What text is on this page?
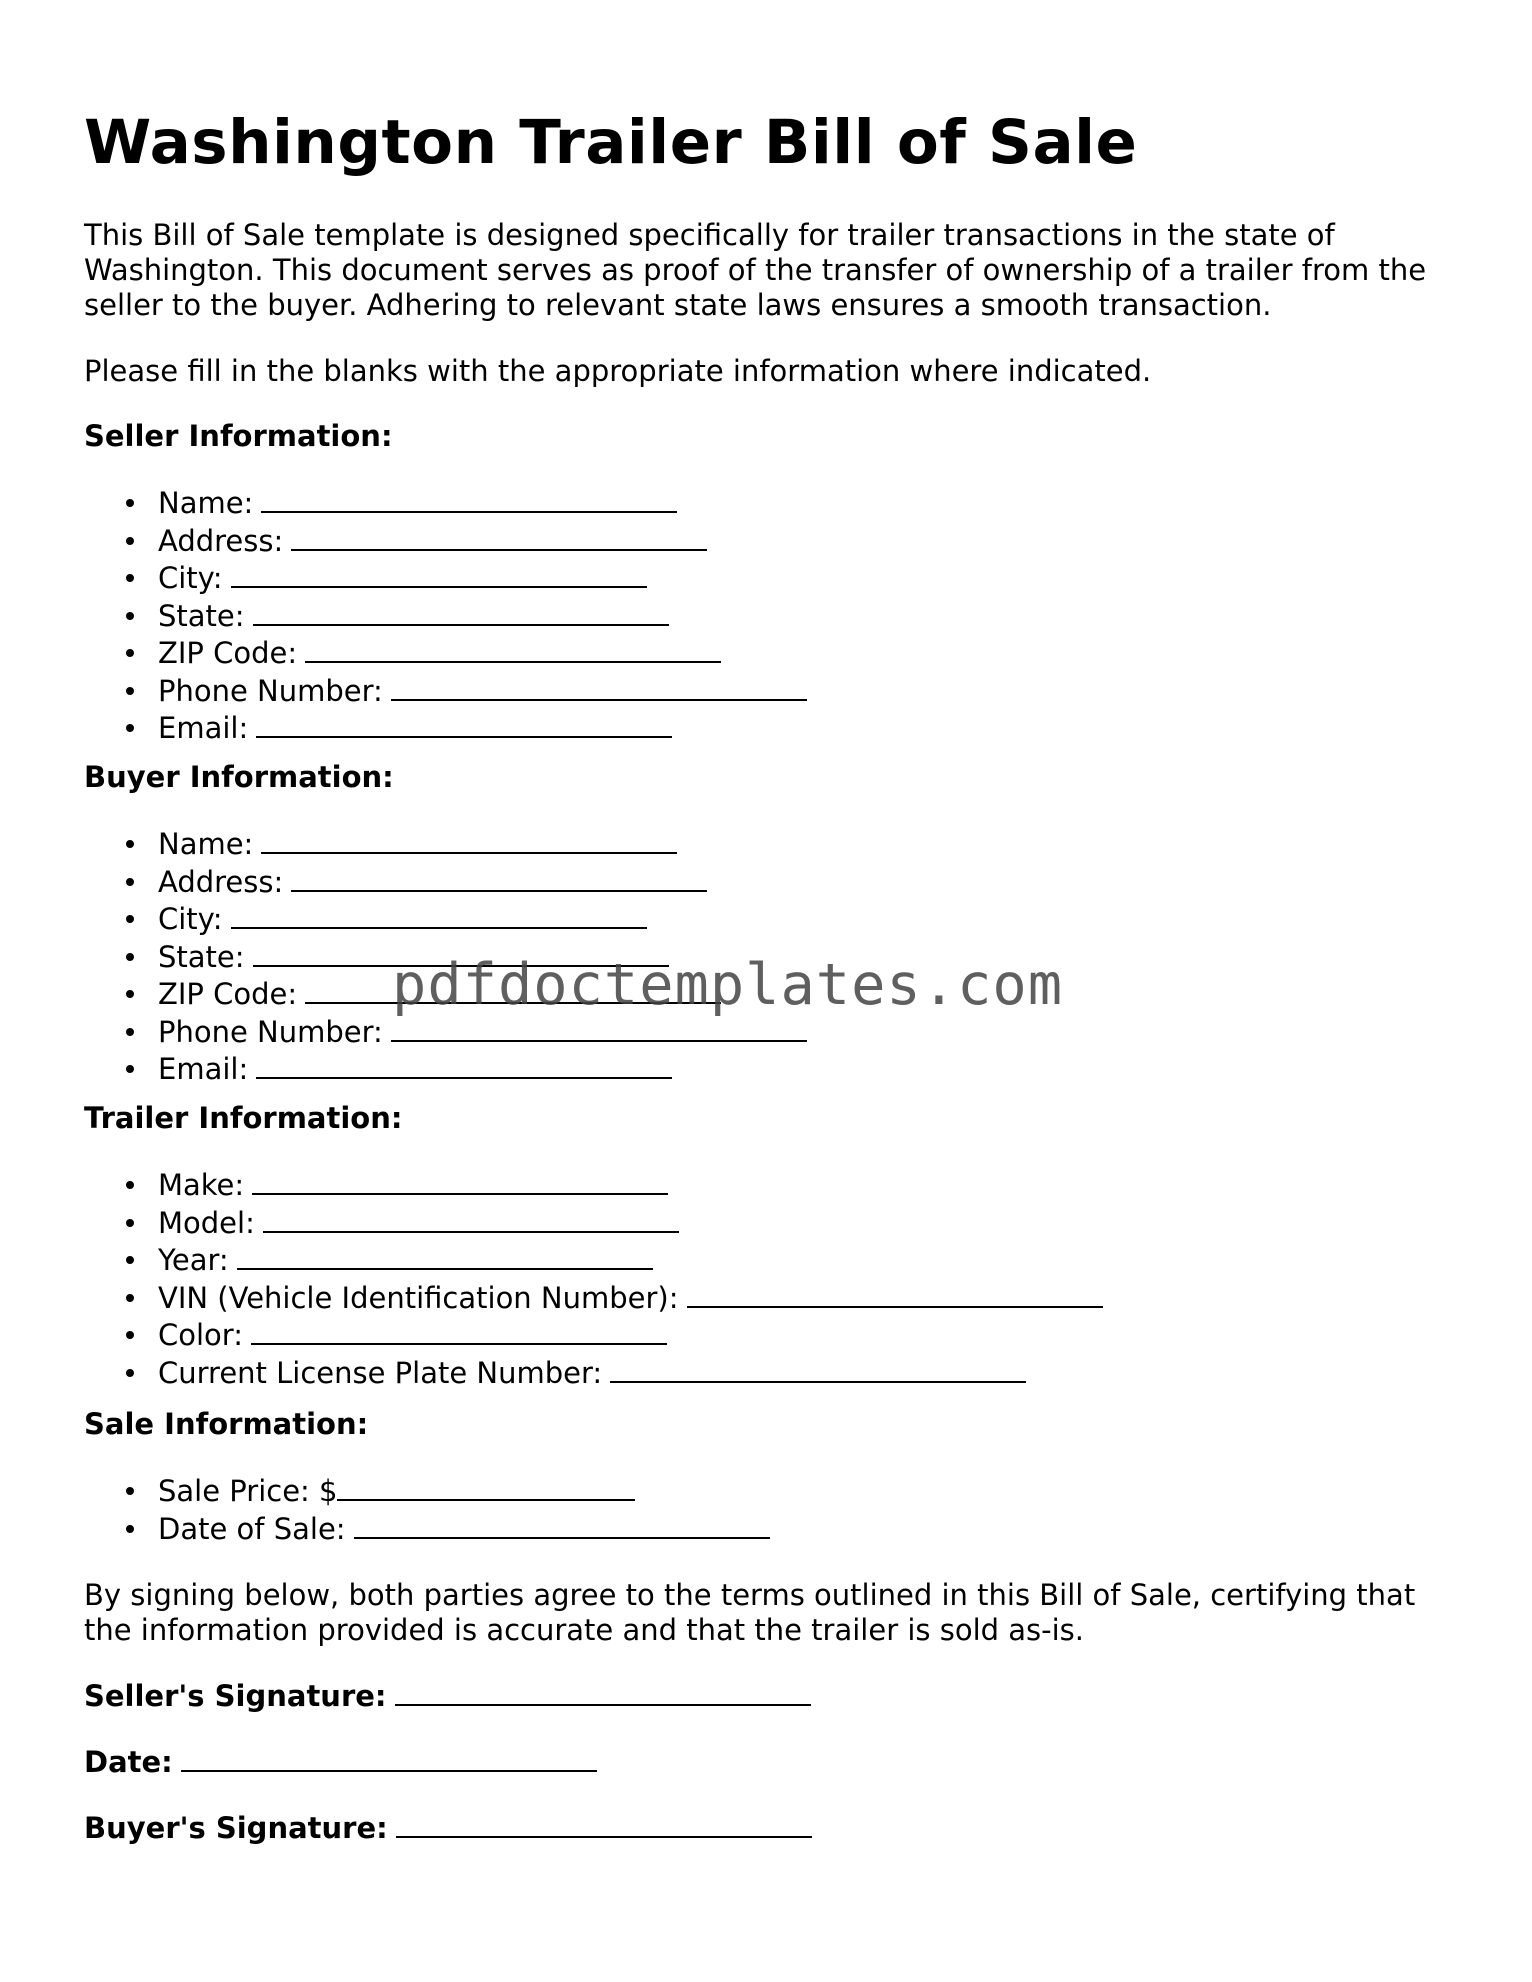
Washington Trailer Bill of Sale

This Bill of Sale template is designed specifically for trailer transactions in the state of Washington. This document serves as proof of the transfer of ownership of a trailer from the seller to the buyer. Adhering to relevant state laws ensures a smooth transaction.

Please fill in the blanks with the appropriate information where indicated.

Seller Information:
Name:
Address:
City:
State:
ZIP Code:
Phone Number:
Email:
Buyer Information:
Name:
Address:
City:
State:
ZIP Code:
Phone Number:
Email:
Trailer Information:
Make:
Model:
Year:
VIN (Vehicle Identification Number):
Color:
Current License Plate Number:
Sale Information:
Sale Price: $
Date of Sale:

By signing below, both parties agree to the terms outlined in this Bill of Sale, certifying that the information provided is accurate and that the trailer is sold as-is.

Seller's Signature:
Date:
Buyer's Signature:
pdfdoctemplates.com
